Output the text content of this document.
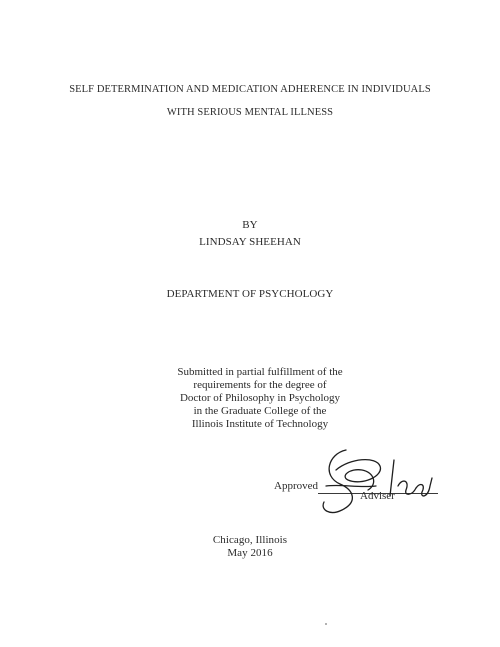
SELF DETERMINATION AND MEDICATION ADHERENCE IN INDIVIDUALS
WITH SERIOUS MENTAL ILLNESS
BY
LINDSAY SHEEHAN
DEPARTMENT OF PSYCHOLOGY
Submitted in partial fulfillment of the
requirements for the degree of
Doctor of Philosophy in Psychology
in the Graduate College of the
Illinois Institute of Technology
Approved
Adviser
Chicago, Illinois
May 2016
